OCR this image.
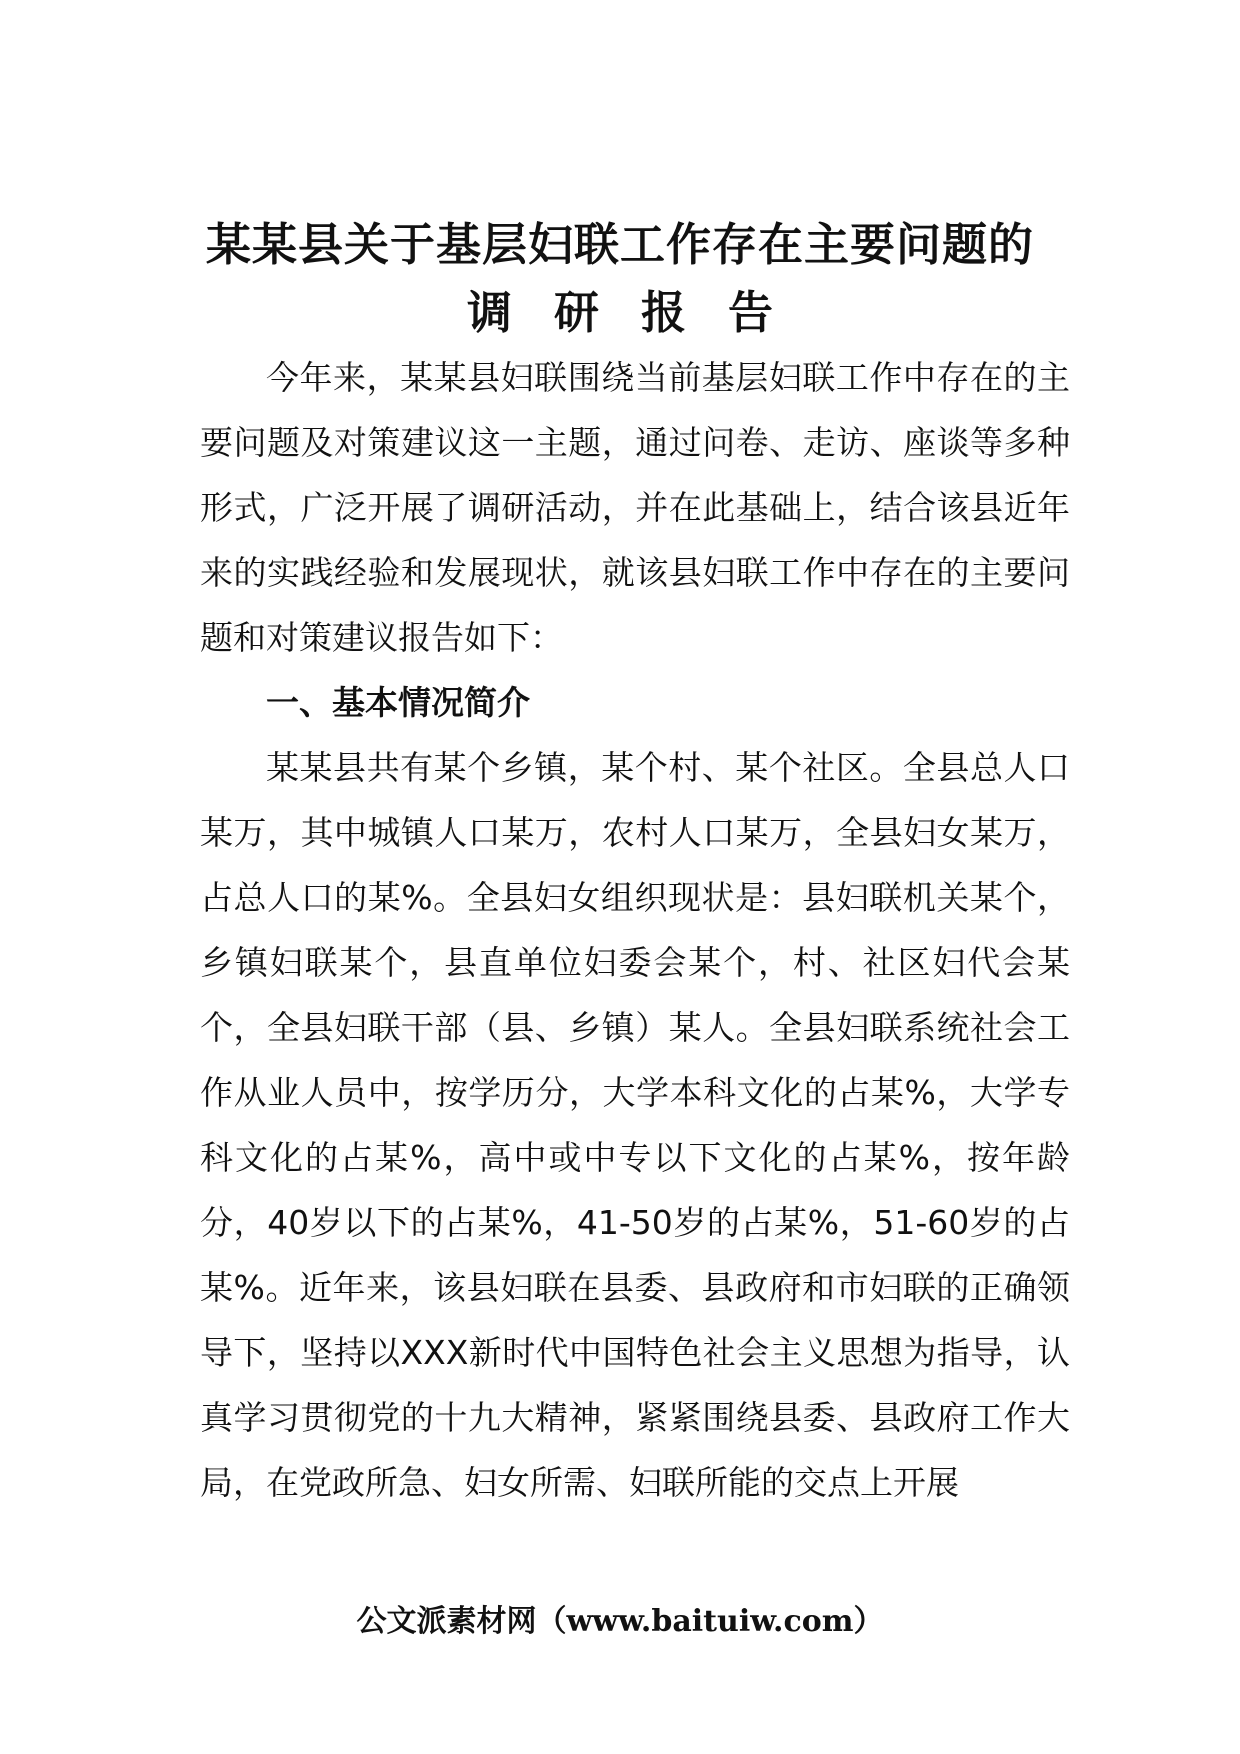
某某县关于基层妇联工作存在主要问题的
调研报告
今年来，某某县妇联围绕当前基层妇联工作中存在的主要问题及对策建议这一主题，通过问卷、走访、座谈等多种形式，广泛开展了调研活动，并在此基础上，结合该县近年来的实践经验和发展现状，就该县妇联工作中存在的主要问题和对策建议报告如下：
一、基本情况简介
某某县共有某个乡镇，某个村、某个社区。全县总人口某万，其中城镇人口某万，农村人口某万，全县妇女某万，占总人口的某%。全县妇女组织现状是：县妇联机关某个，乡镇妇联某个，县直单位妇委会某个，村、社区妇代会某个，全县妇联干部（县、乡镇）某人。全县妇联系统社会工作从业人员中，按学历分，大学本科文化的占某%，大学专科文化的占某%，高中或中专以下文化的占某%，按年龄分，40岁以下的占某%，41-50岁的占某%，51-60岁的占某%。近年来，该县妇联在县委、县政府和市妇联的正确领导下，坚持以XXX新时代中国特色社会主义思想为指导，认真学习贯彻党的十九大精神，紧紧围绕县委、县政府工作大局，在党政所急、妇女所需、妇联所能的交点上开展
公文派素材网（www.baituiw.com）
